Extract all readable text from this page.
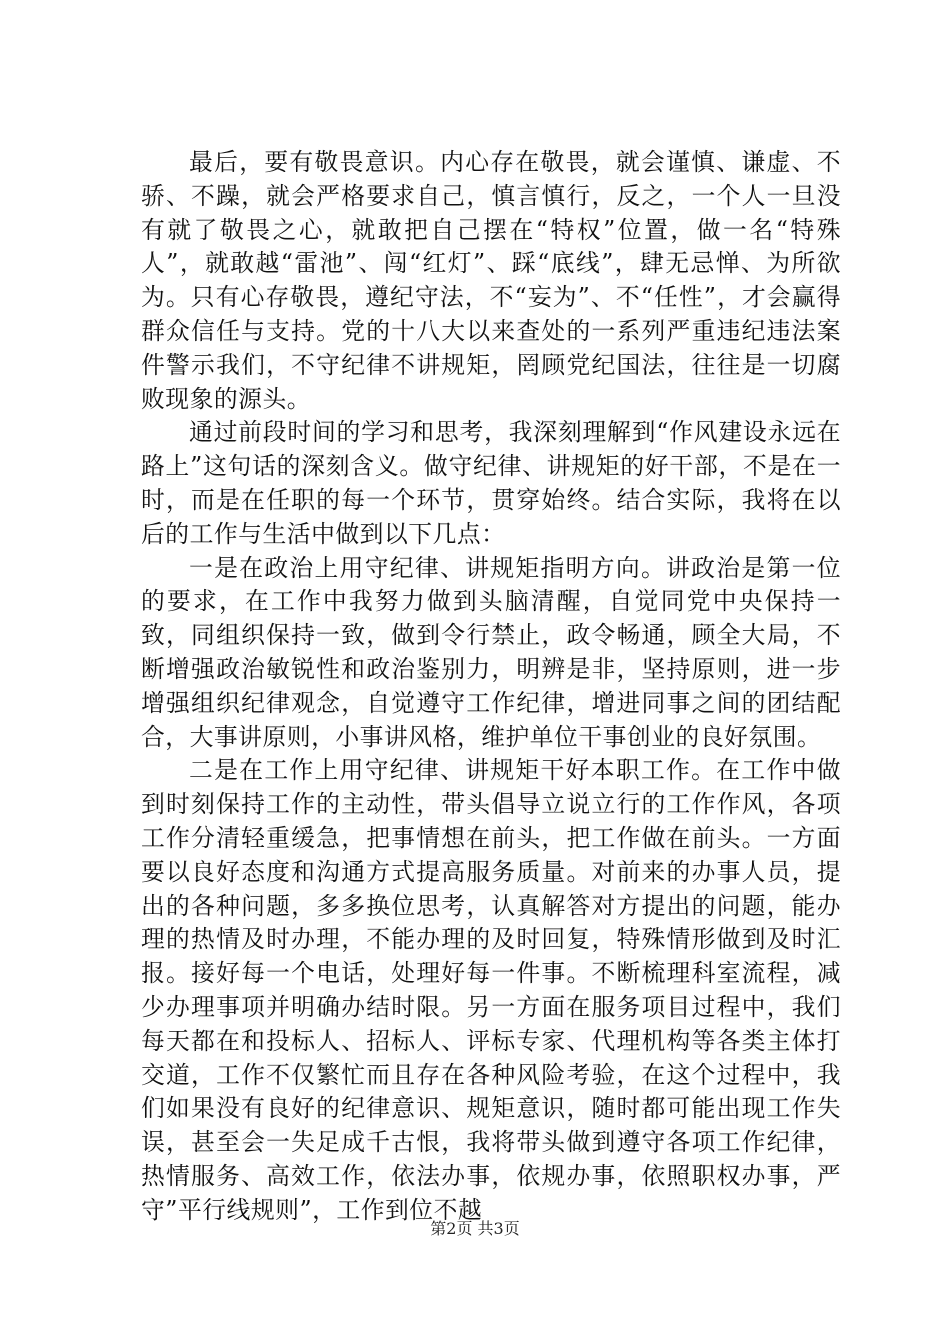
最后，要有敬畏意识。内心存在敬畏，就会谨慎、谦虚、不骄、不躁，就会严格要求自己，慎言慎行，反之，一个人一旦没有就了敬畏之心，就敢把自己摆在“特权”位置，做一名“特殊人”，就敢越“雷池”、闯“红灯”、踩“底线”，肆无忌惮、为所欲为。只有心存敬畏，遵纪守法，不“妄为”、不“任性”，才会赢得群众信任与支持。党的十八大以来查处的一系列严重违纪违法案件警示我们，不守纪律不讲规矩，罔顾党纪国法，往往是一切腐败现象的源头。

通过前段时间的学习和思考，我深刻理解到“作风建设永远在路上”这句话的深刻含义。做守纪律、讲规矩的好干部，不是在一时，而是在任职的每一个环节，贯穿始终。结合实际，我将在以后的工作与生活中做到以下几点：

一是在政治上用守纪律、讲规矩指明方向。讲政治是第一位的要求，在工作中我努力做到头脑清醒，自觉同党中央保持一致，同组织保持一致，做到令行禁止，政令畅通，顾全大局，不断增强政治敏锐性和政治鉴别力，明辨是非，坚持原则，进一步增强组织纪律观念，自觉遵守工作纪律，增进同事之间的团结配合，大事讲原则，小事讲风格，维护单位干事创业的良好氛围。

二是在工作上用守纪律、讲规矩干好本职工作。在工作中做到时刻保持工作的主动性，带头倡导立说立行的工作作风，各项工作分清轻重缓急，把事情想在前头，把工作做在前头。一方面要以良好态度和沟通方式提高服务质量。对前来的办事人员，提出的各种问题，多多换位思考，认真解答对方提出的问题，能办理的热情及时办理，不能办理的及时回复，特殊情形做到及时汇报。接好每一个电话，处理好每一件事。不断梳理科室流程，减少办理事项并明确办结时限。另一方面在服务项目过程中，我们每天都在和投标人、招标人、评标专家、代理机构等各类主体打交道，工作不仅繁忙而且存在各种风险考验，在这个过程中，我们如果没有良好的纪律意识、规矩意识，随时都可能出现工作失误，甚至会一失足成千古恨，我将带头做到遵守各项工作纪律，热情服务、高效工作，依法办事，依规办事，依照职权办事，严守”平行线规则”，工作到位不越

第2页 共3页
